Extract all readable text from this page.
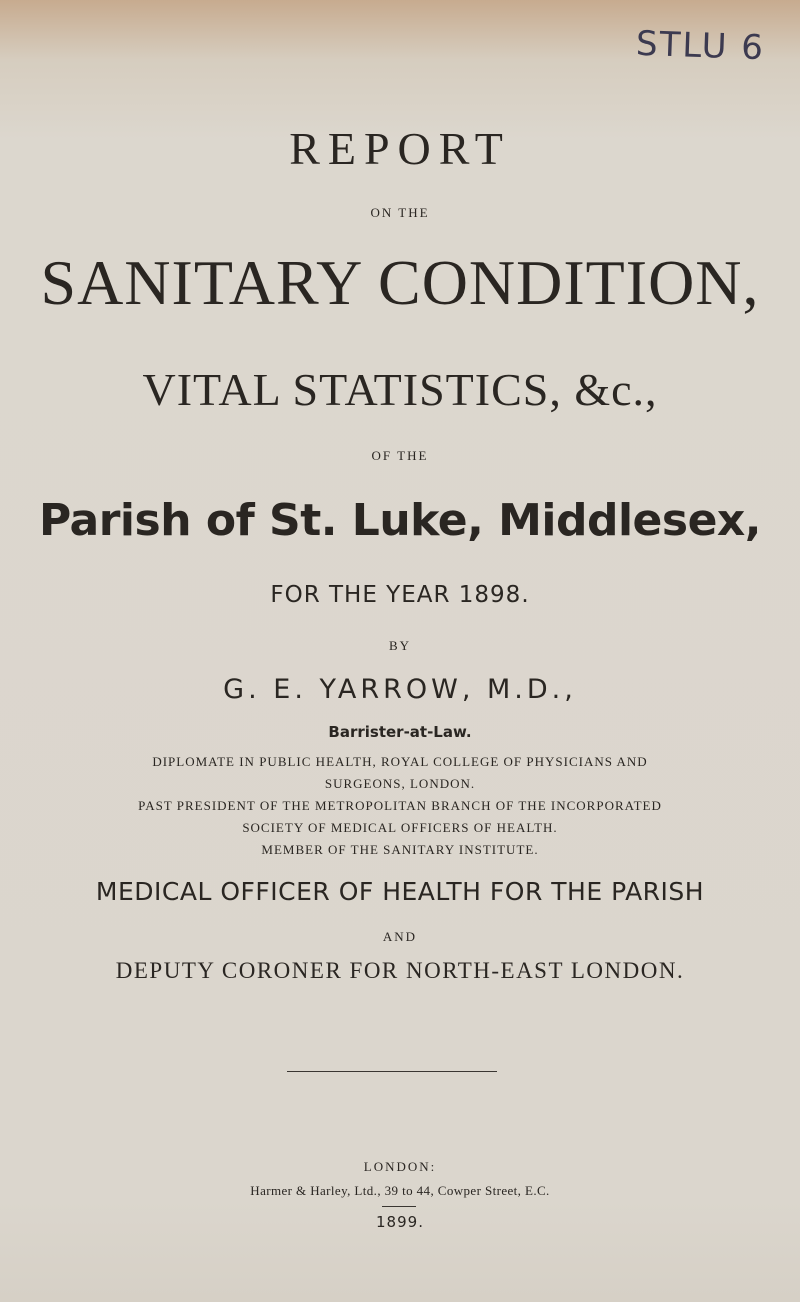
STLU 6
REPORT
ON THE
SANITARY CONDITION,
VITAL STATISTICS, &c.,
OF THE
Parish of St. Luke, Middlesex,
FOR THE YEAR 1898.
BY
G. E. YARROW, M.D.,
Barrister-at-Law.
DIPLOMATE IN PUBLIC HEALTH, ROYAL COLLEGE OF PHYSICIANS AND
SURGEONS, LONDON.
PAST PRESIDENT OF THE METROPOLITAN BRANCH OF THE INCORPORATED
SOCIETY OF MEDICAL OFFICERS OF HEALTH.
MEMBER OF THE SANITARY INSTITUTE.
MEDICAL OFFICER OF HEALTH FOR THE PARISH
AND
DEPUTY CORONER FOR NORTH-EAST LONDON.
LONDON:
Harmer & Harley, Ltd., 39 to 44, Cowper Street, E.C.
1899.
